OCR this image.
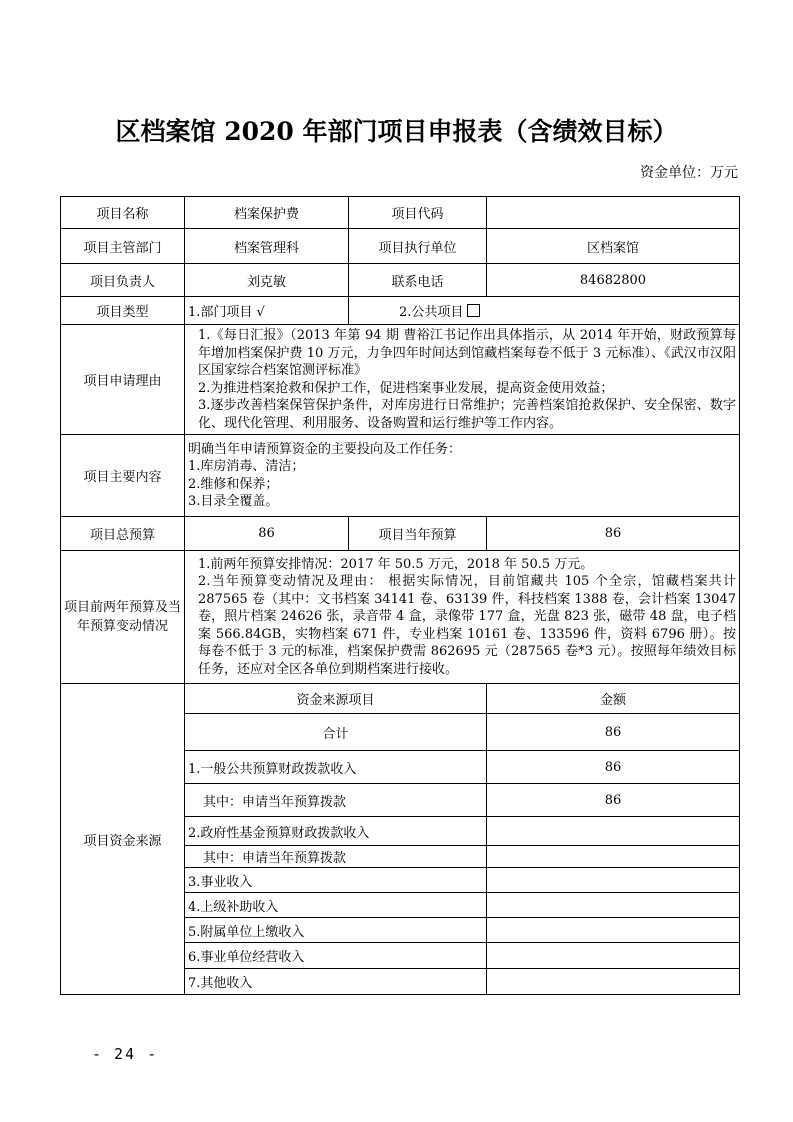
区档案馆 2020 年部门项目申报表（含绩效目标）
资金单位：万元
项目名称	档案保护费	项目代码	
项目主管部门	档案管理科	项目执行单位	区档案馆
项目负责人	刘克敏	联系电话	84682800
项目类型	1.部门项目 √	2.公共项目	
项目申请理由	1.《每日汇报》（2013 年第 94 期 曹裕江书记作出具体指示，从 2014 年开始，财政预算每年增加档案保护费 10 万元，力争四年时间达到馆藏档案每卷不低于 3 元标准）、《武汉市汉阳区国家综合档案馆测评标准》

2.为推进档案抢救和保护工作，促进档案事业发展，提高资金使用效益；

3.逐步改善档案保管保护条件，对库房进行日常维护；完善档案馆抢救保护、安全保密、数字化、现代化管理、利用服务、设备购置和运行维护等工作内容。		

项目主要内容	明确当年申请预算资金的主要投向及工作任务：

1.库房消毒、清洁；

2.维修和保养；

3.目录全覆盖。		

项目总预算	86	项目当年预算	86
项目前两年预算及当年预算变动情况	1.前两年预算安排情况：2017 年 50.5 万元，2018 年 50.5 万元。

2.当年预算变动情况及理由： 根据实际情况，目前馆藏共 105 个全宗，馆藏档案共计 287565 卷（其中：文书档案 34141 卷、63139 件，科技档案 1388 卷，会计档案 13047 卷，照片档案 24626 张，录音带 4 盒，录像带 177 盒，光盘 823 张，磁带 48 盘，电子档案 566.84GB，实物档案 671 件，专业档案 10161 卷、133596 件，资料 6796 册）。按每卷不低于 3 元的标准，档案保护费需 862695 元（287565 卷*3 元）。按照每年绩效目标任务，还应对全区各单位到期档案进行接收。		

项目资金来源	资金来源项目		金额
	合计		86
	1.一般公共预算财政拨款收入		86
	其中：申请当年预算拨款		86
	2.政府性基金预算财政拨款收入		
	其中：申请当年预算拨款		
	3.事业收入		
	4.上级补助收入		
	5.附属单位上缴收入		
	6.事业单位经营收入		
	7.其他收入		
- 24 -
